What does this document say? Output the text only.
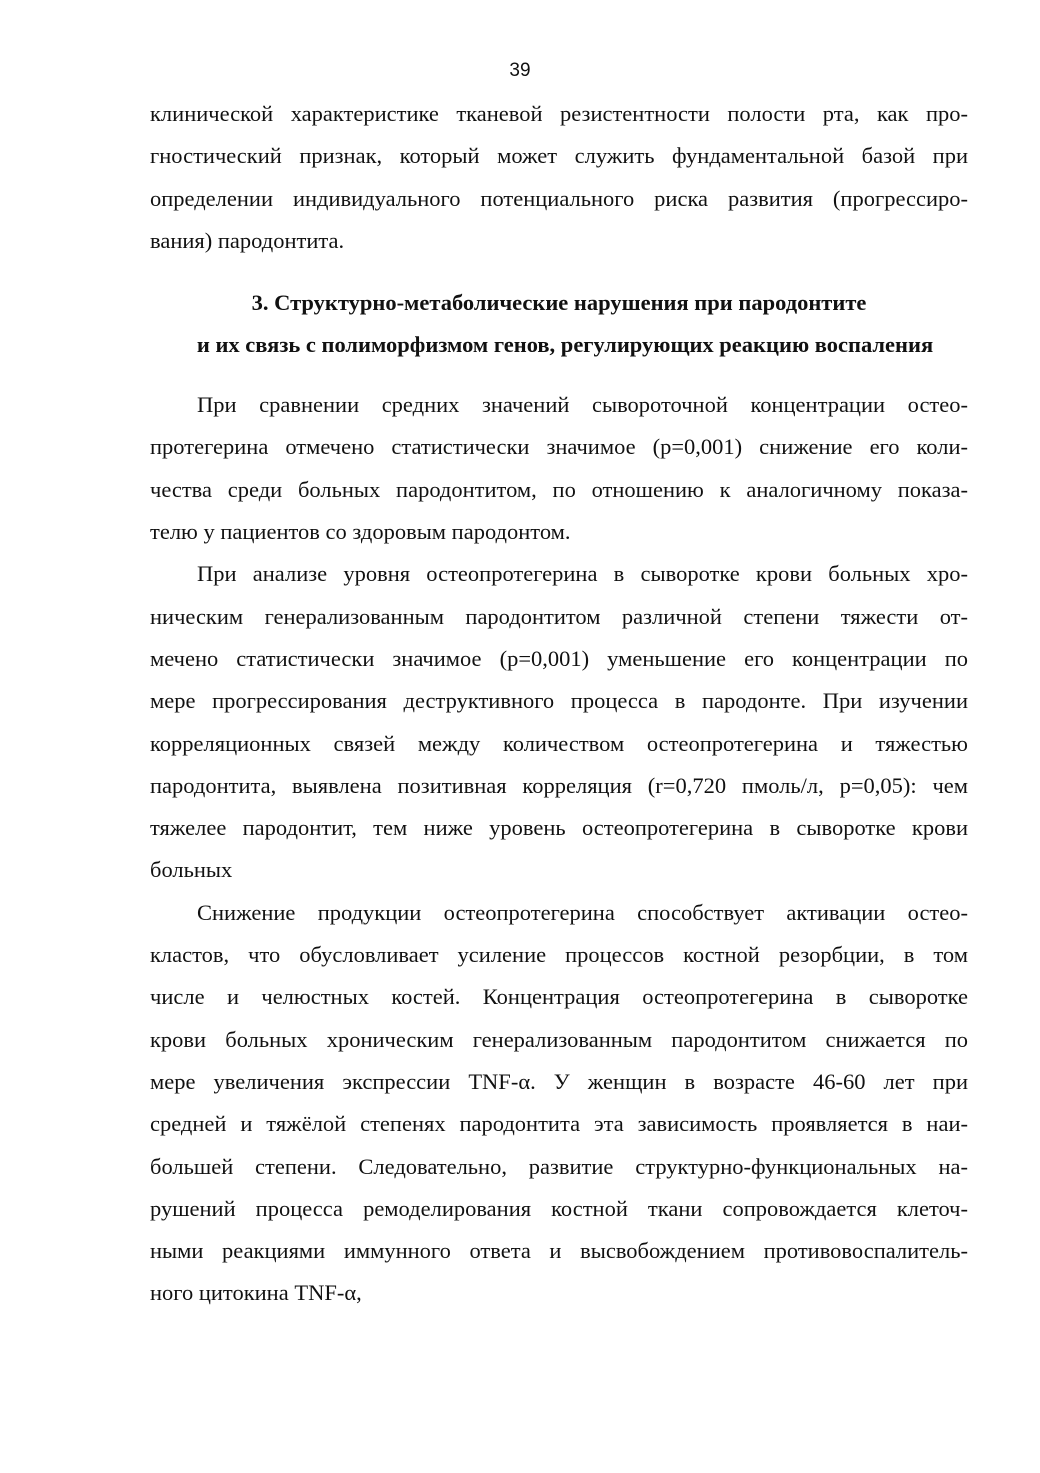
39
клинической характеристике тканевой резистентности полости рта, как про-
гностический признак, который может служить фундаментальной базой при
определении индивидуального потенциального риска развития (прогрессиро-
вания) пародонтита.
3. Структурно-метаболические нарушения при пародонтите
и их связь с полиморфизмом генов, регулирующих реакцию воспаления
При сравнении средних значений сывороточной концентрации остео-
протегерина отмечено статистически значимое (р=0,001) снижение его коли-
чества среди больных пародонтитом, по отношению к аналогичному показа-
телю у пациентов со здоровым пародонтом.
При анализе уровня остеопротегерина в сыворотке крови больных хро-
ническим генерализованным пародонтитом различной степени тяжести от-
мечено статистически значимое (р=0,001) уменьшение его концентрации по
мере прогрессирования деструктивного процесса в пародонте. При изучении
корреляционных связей между количеством остеопротегерина и тяжестью
пародонтита, выявлена позитивная корреляция (r=0,720 пмоль/л, р=0,05): чем
тяжелее пародонтит, тем ниже уровень остеопротегерина в сыворотке крови
больных
Снижение продукции остеопротегерина способствует активации остео-
кластов, что обусловливает усиление процессов костной резорбции, в том
числе и челюстных костей. Концентрация остеопротегерина в сыворотке
крови больных хроническим генерализованным пародонтитом снижается по
мере увеличения экспрессии TNF-α. У женщин в возрасте 46-60 лет при
средней и тяжёлой степенях пародонтита эта зависимость проявляется в наи-
большей степени. Следовательно, развитие структурно-функциональных на-
рушений процесса ремоделирования костной ткани сопровождается клеточ-
ными реакциями иммунного ответа и высвобождением противовоспалитель-
ного цитокина TNF-α,
